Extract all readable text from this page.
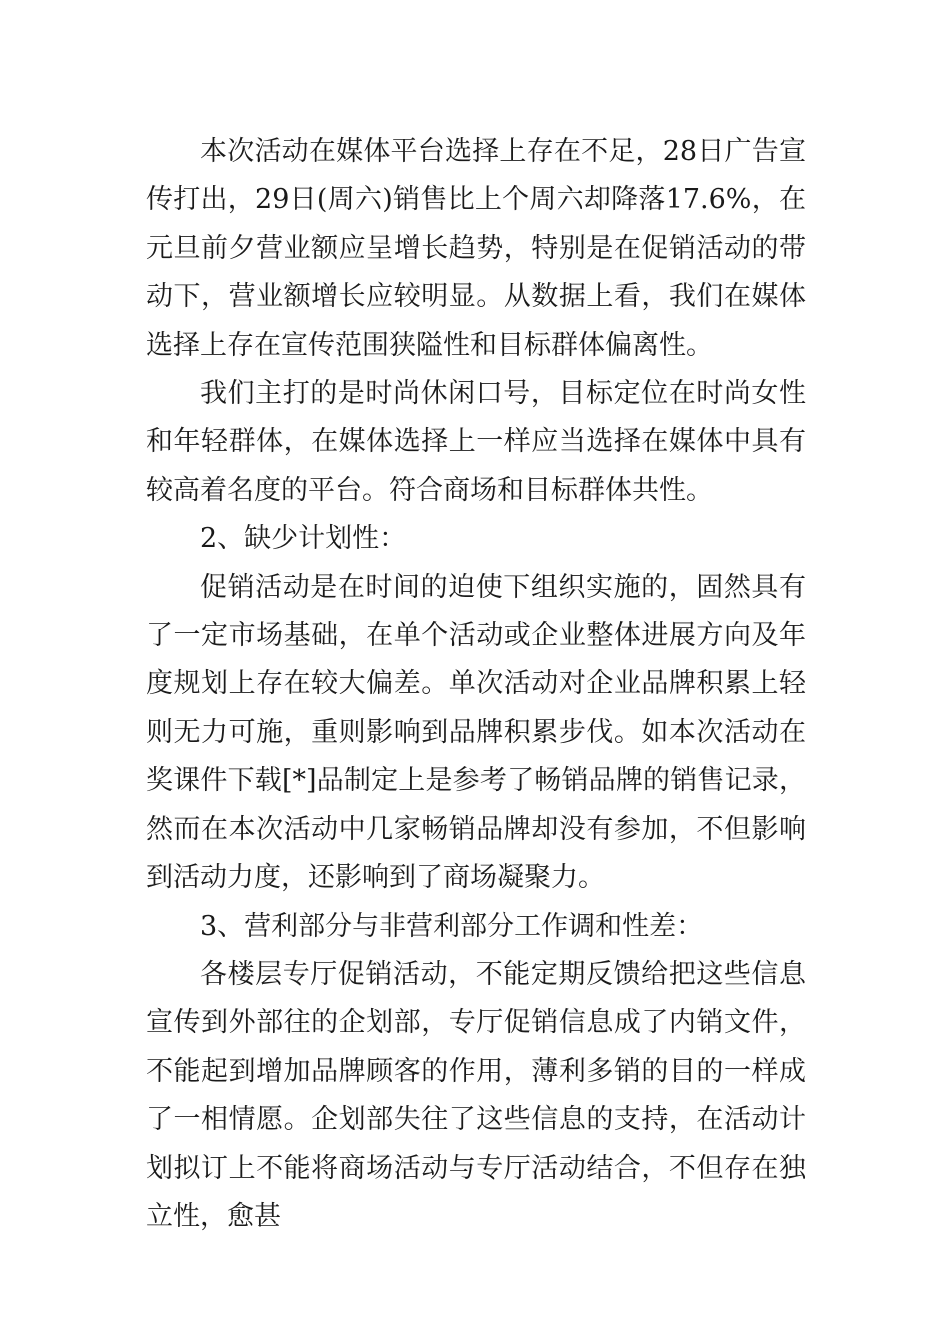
本次活动在媒体平台选择上存在不足，28日广告宣传打出，29日(周六)销售比上个周六却降落17.6%，在元旦前夕营业额应呈增长趋势，特别是在促销活动的带动下，营业额增长应较明显。从数据上看，我们在媒体选择上存在宣传范围狭隘性和目标群体偏离性。

我们主打的是时尚休闲口号，目标定位在时尚女性和年轻群体，在媒体选择上一样应当选择在媒体中具有较高着名度的平台。符合商场和目标群体共性。

2、缺少计划性：

促销活动是在时间的迫使下组织实施的，固然具有了一定市场基础，在单个活动或企业整体进展方向及年度规划上存在较大偏差。单次活动对企业品牌积累上轻则无力可施，重则影响到品牌积累步伐。如本次活动在奖课件下载[*]品制定上是参考了畅销品牌的销售记录，然而在本次活动中几家畅销品牌却没有参加，不但影响到活动力度，还影响到了商场凝聚力。

3、营利部分与非营利部分工作调和性差：

各楼层专厅促销活动，不能定期反馈给把这些信息宣传到外部往的企划部，专厅促销信息成了内销文件，不能起到增加品牌顾客的作用，薄利多销的目的一样成了一相情愿。企划部失往了这些信息的支持，在活动计划拟订上不能将商场活动与专厅活动结合，不但存在独立性，愈甚
